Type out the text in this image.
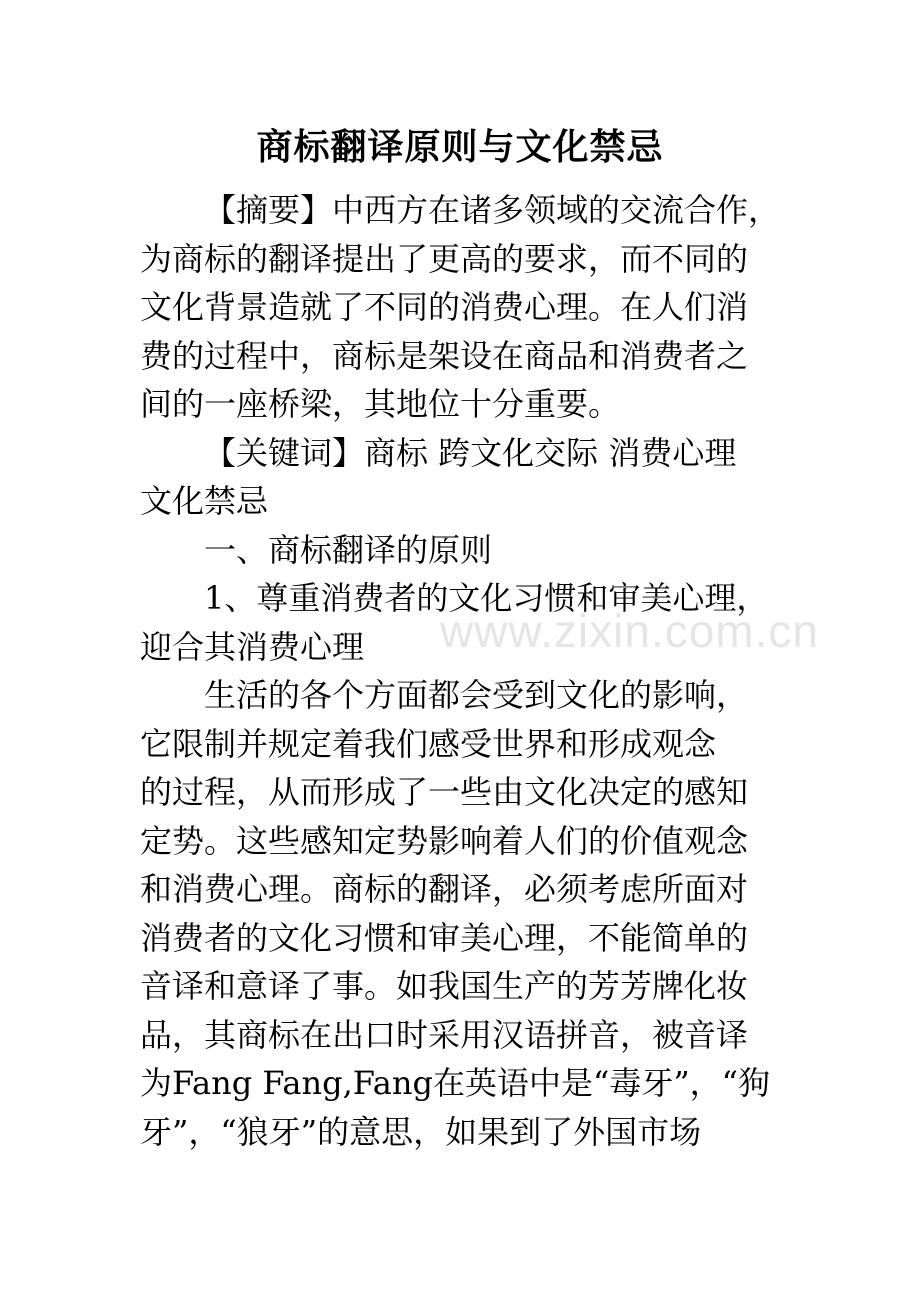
商标翻译原则与文化禁忌
【摘要】中西方在诸多领域的交流合作，
为商标的翻译提出了更高的要求，而不同的
文化背景造就了不同的消费心理。在人们消
费的过程中，商标是架设在商品和消费者之
间的一座桥梁，其地位十分重要。
【关键词】商标 跨文化交际 消费心理
文化禁忌
一、商标翻译的原则
1、尊重消费者的文化习惯和审美心理，
迎合其消费心理
生活的各个方面都会受到文化的影响，
它限制并规定着我们感受世界和形成观念
的过程，从而形成了一些由文化决定的感知
定势。这些感知定势影响着人们的价值观念
和消费心理。商标的翻译，必须考虑所面对
消费者的文化习惯和审美心理，不能简单的
音译和意译了事。如我国生产的芳芳牌化妆
品，其商标在出口时采用汉语拼音，被音译
为Fang Fang,Fang在英语中是“毒牙”，“狗
牙”，“狼牙”的意思，如果到了外国市场
www.zixin.com.cn
